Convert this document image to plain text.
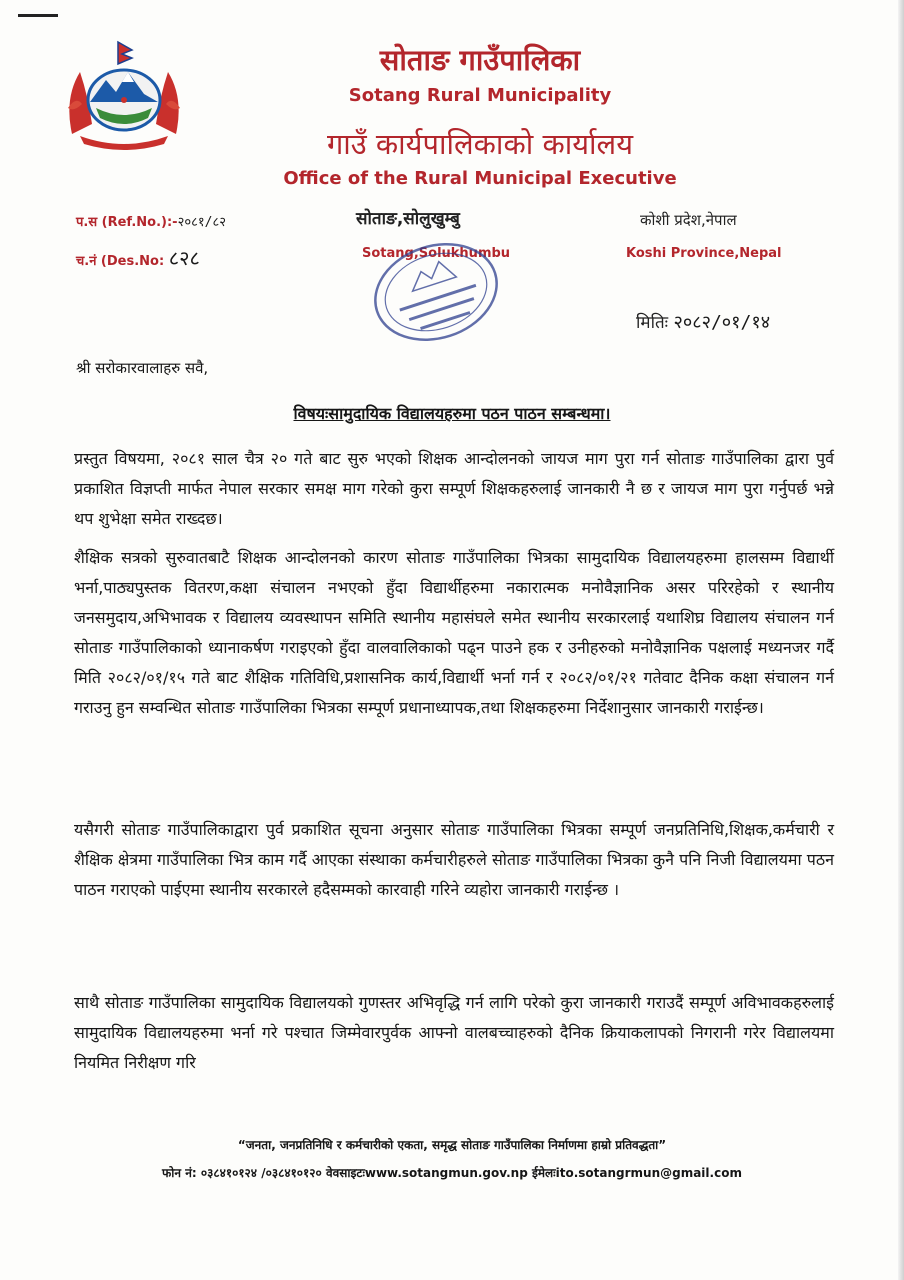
सोताङ गाउँपालिका
Sotang Rural Municipality
गाउँ कार्यपालिकाको कार्यालय
Office of the Rural Municipal Executive
प.स (Ref.No.):-२०८१/८२
च.नं (Des.No: ८२८
सोताङ,सोलुखुम्बु
Sotang,Solukhumbu
कोशी प्रदेश,नेपाल
Koshi Province,Nepal
मितिः २०८२/०१/१४
श्री सरोकारवालाहरु सवै,
विषयःसामुदायिक विद्यालयहरुमा पठन पाठन सम्बन्धमा।
प्रस्तुत विषयमा, २०८१ साल चैत्र २० गते बाट सुरु भएको शिक्षक आन्दोलनको जायज माग पुरा गर्न सोताङ गाउँपालिका द्वारा पुर्व प्रकाशित विज्ञप्ती मार्फत नेपाल सरकार समक्ष माग गरेको कुरा सम्पूर्ण शिक्षकहरुलाई जानकारी नै छ र जायज माग पुरा गर्नुपर्छ भन्ने थप शुभेक्षा समेत राख्दछ।
शैक्षिक सत्रको सुरुवातबाटै शिक्षक आन्दोलनको कारण सोताङ गाउँपालिका भित्रका सामुदायिक विद्यालयहरुमा हालसम्म विद्यार्थी भर्ना,पाठ्यपुस्तक वितरण,कक्षा संचालन नभएको हुँदा विद्यार्थीहरुमा नकारात्मक मनोवैज्ञानिक असर परिरहेको र स्थानीय जनसमुदाय,अभिभावक र विद्यालय व्यवस्थापन समिति स्थानीय महासंघले समेत स्थानीय सरकारलाई यथाशिघ्र विद्यालय संचालन गर्न सोताङ गाउँपालिकाको ध्यानाकर्षण गराइएको हुँदा वालवालिकाको पढ्न पाउने हक र उनीहरुको मनोवैज्ञानिक पक्षलाई मध्यनजर गर्दै मिति २०८२/०१/१५ गते बाट शैक्षिक गतिविधि,प्रशासनिक कार्य,विद्यार्थी भर्ना गर्न र २०८२/०१/२१ गतेवाट दैनिक कक्षा संचालन गर्न गराउनु हुन सम्वन्धित सोताङ गाउँपालिका भित्रका सम्पूर्ण प्रधानाध्यापक,तथा शिक्षकहरुमा निर्देशानुसार जानकारी गराईन्छ।
यसैगरी सोताङ गाउँपालिकाद्वारा पुर्व प्रकाशित सूचना अनुसार सोताङ गाउँपालिका भित्रका सम्पूर्ण जनप्रतिनिधि,शिक्षक,कर्मचारी र शैक्षिक क्षेत्रमा गाउँपालिका भित्र काम गर्दै आएका संस्थाका कर्मचारीहरुले सोताङ गाउँपालिका भित्रका कुनै पनि निजी विद्यालयमा पठन पाठन गराएको पाईएमा स्थानीय सरकारले हदैसम्मको कारवाही गरिने व्यहोरा जानकारी गराईन्छ ।
साथै सोताङ गाउँपालिका सामुदायिक विद्यालयको गुणस्तर अभिवृद्धि गर्न लागि परेको कुरा जानकारी गराउदैं सम्पूर्ण अविभावकहरुलाई सामुदायिक विद्यालयहरुमा भर्ना गरे पश्चात जिम्मेवारपुर्वक आफ्नो वालबच्चाहरुको दैनिक क्रियाकलापको निगरानी गरेर विद्यालयमा नियमित निरीक्षण गरि
“जनता, जनप्रतिनिधि र कर्मचारीको एकता, समृद्ध सोताङ गाउँपालिका निर्माणमा हाम्रो प्रतिवद्धता”
फोन नं: ०३८४१०१२४ /०३८४१०१२० वेवसाइटःwww.sotangmun.gov.np ईमेलःito.sotangrmun@gmail.com
